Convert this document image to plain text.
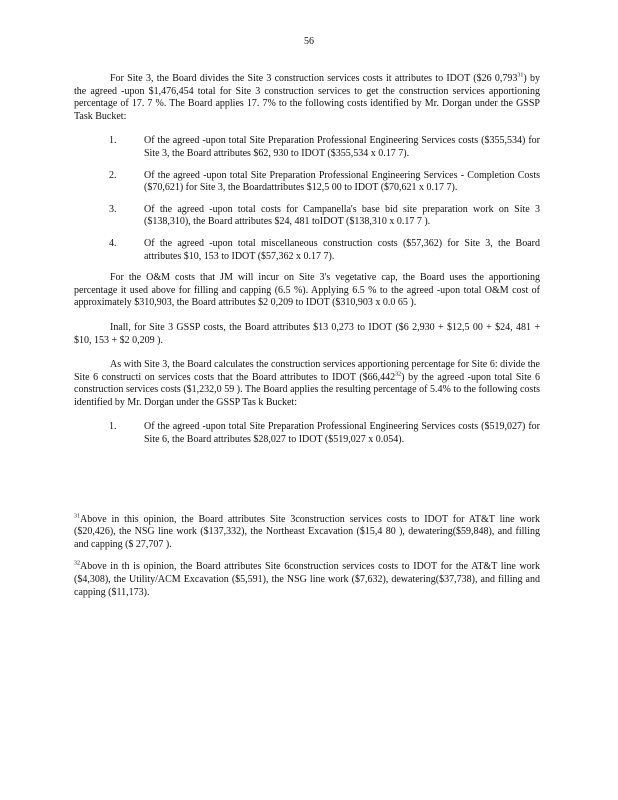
56

For Site 3, the Board divides the Site 3 construction services costs it attributes to IDOT ($26 0,793$^{31}$) by the agreed -upon $1,476,454 total for Site 3 construction services to get the construction services apportioning percentage of 17. 7 %. The Board applies 17. 7% to the following costs identified by Mr. Dorgan under the GSSP Task Bucket:

1.	Of the agreed -upon total Site Preparation Professional Engineering Services costs ($355,534) for Site 3, the Board attributes $62, 930 to IDOT ($355,534 x 0.17 7).
2.	Of the agreed -upon total Site Preparation Professional Engineering Services - Completion Costs ($70,621) for Site 3, the Boardattributes $12,5 00 to IDOT ($70,621 x 0.17 7).
3.	Of the agreed -upon total costs for Campanella's base bid site preparation work on Site 3 ($138,310), the Board attributes $24, 481 toIDOT ($138,310 x 0.17 7 ).
4.	Of the agreed -upon total miscellaneous construction costs ($57,362) for Site 3, the Board attributes $10, 153 to IDOT ($57,362 x 0.17 7).

For the O&M costs that JM will incur on Site 3's vegetative cap, the Board uses the apportioning percentage it used above for filling and capping (6.5 %). Applying 6.5 % to the agreed -upon total O&M cost of approximately $310,903, the Board attributes $2 0,209 to IDOT ($310,903 x 0.0 65 ).

Inall, for Site 3 GSSP costs, the Board attributes $13 0,273 to IDOT ($6 2,930 + $12,5 00 + $24, 481 + $10, 153 + $2 0,209 ).

As with Site 3, the Board calculates the construction services apportioning percentage for Site 6: divide the Site 6 constructi on services costs that the Board attributes to IDOT ($66,442$^{32}$) by the agreed -upon total Site 6 construction services costs ($1,232,0 59 ). The Board applies the resulting percentage of 5.4% to the following costs identified by Mr. Dorgan under the GSSP Tas k Bucket:

1.	Of the agreed -upon total Site Preparation Professional Engineering Services costs ($519,027) for Site 6, the Board attributes $28,027 to IDOT ($519,027 x 0.054).
$^{31}$Above in this opinion, the Board attributes Site 3construction services costs to IDOT for AT&T line work ($20,426), the NSG line work ($137,332), the Northeast Excavation ($15,4 80 ), dewatering($59,848), and filling and capping ($ 27,707 ).
$^{32}$Above in th is opinion, the Board attributes Site 6construction services costs to IDOT for the AT&T line work ($4,308), the Utility/ACM Excavation ($5,591), the NSG line work ($7,632), dewatering($37,738), and filling and capping ($11,173).
